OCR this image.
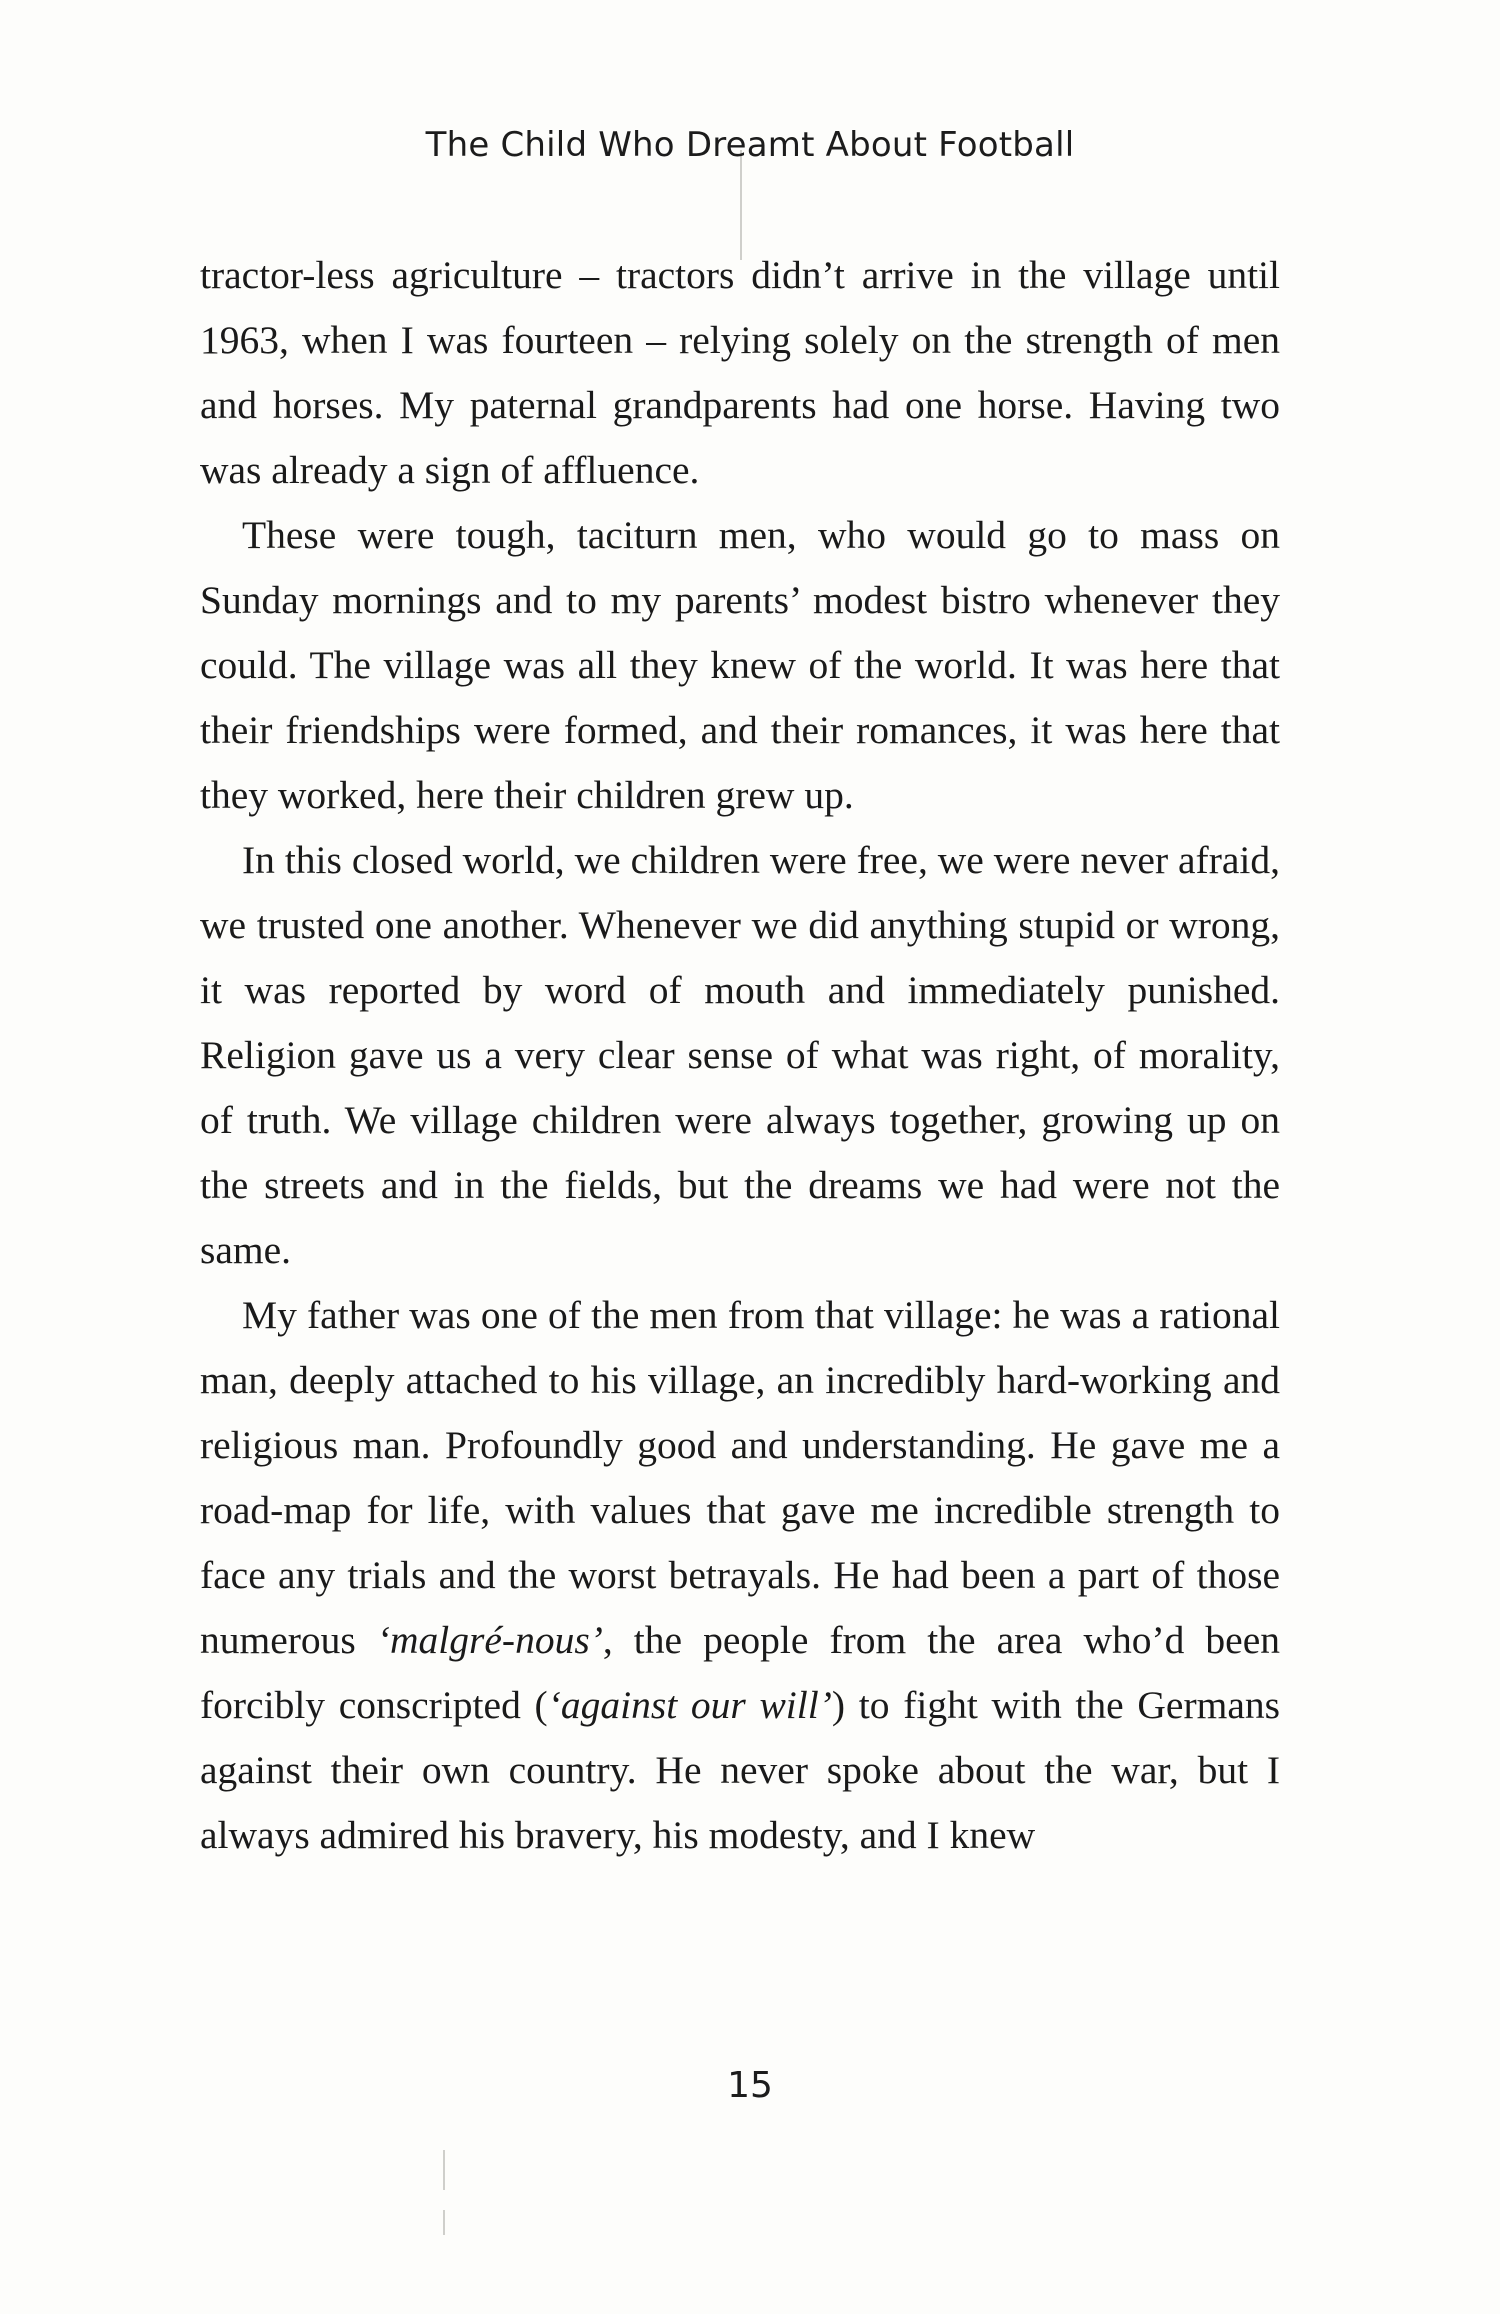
The Child Who Dreamt About Football

tractor-less agriculture – tractors didn’t arrive in the village until 1963, when I was fourteen – relying solely on the strength of men and horses. My paternal grandparents had one horse. Having two was already a sign of affluence.

These were tough, taciturn men, who would go to mass on Sunday mornings and to my parents’ modest bistro whenever they could. The village was all they knew of the world. It was here that their friendships were formed, and their romances, it was here that they worked, here their children grew up.

In this closed world, we children were free, we were never afraid, we trusted one another. Whenever we did anything stupid or wrong, it was reported by word of mouth and immediately punished. Religion gave us a very clear sense of what was right, of morality, of truth. We village children were always together, growing up on the streets and in the fields, but the dreams we had were not the same.

My father was one of the men from that village: he was a rational man, deeply attached to his village, an incredibly hard-working and religious man. Profoundly good and understanding. He gave me a road-map for life, with values that gave me incredible strength to face any trials and the worst betrayals. He had been a part of those numerous ‘malgré-nous’, the people from the area who’d been forcibly conscripted (‘against our will’) to fight with the Germans against their own country. He never spoke about the war, but I always admired his bravery, his modesty, and I knew

15
